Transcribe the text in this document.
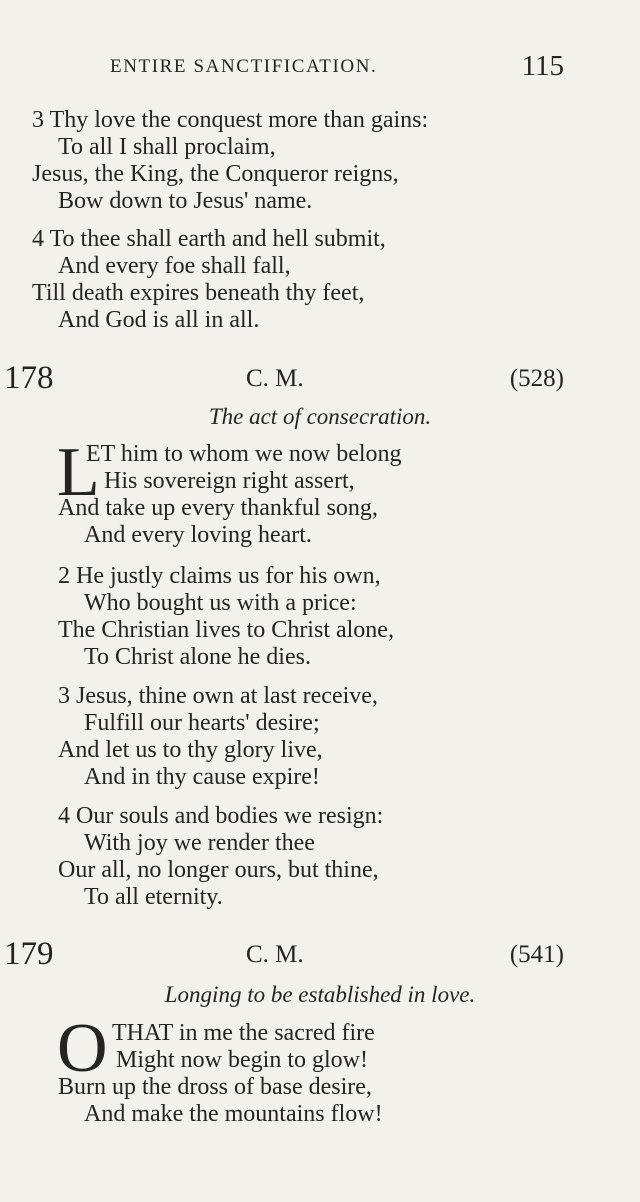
ENTIRE SANCTIFICATION.	115
3 Thy love the conquest more than gains:
To all I shall proclaim,
Jesus, the King, the Conqueror reigns,
Bow down to Jesus' name.
4 To thee shall earth and hell submit,
And every foe shall fall,
Till death expires beneath thy feet,
And God is all in all.
178	C. M.	(528)
The act of consecration.
L
ET him to whom we now belong
His sovereign right assert,
And take up every thankful song,
And every loving heart.
2 He justly claims us for his own,
Who bought us with a price:
The Christian lives to Christ alone,
To Christ alone he dies.
3 Jesus, thine own at last receive,
Fulfill our hearts' desire;
And let us to thy glory live,
And in thy cause expire!
4 Our souls and bodies we resign:
With joy we render thee
Our all, no longer ours, but thine,
To all eternity.
179	C. M.	(541)
Longing to be established in love.
O THAT in me the sacred fire
Might now begin to glow!
Burn up the dross of base desire,
And make the mountains flow!
